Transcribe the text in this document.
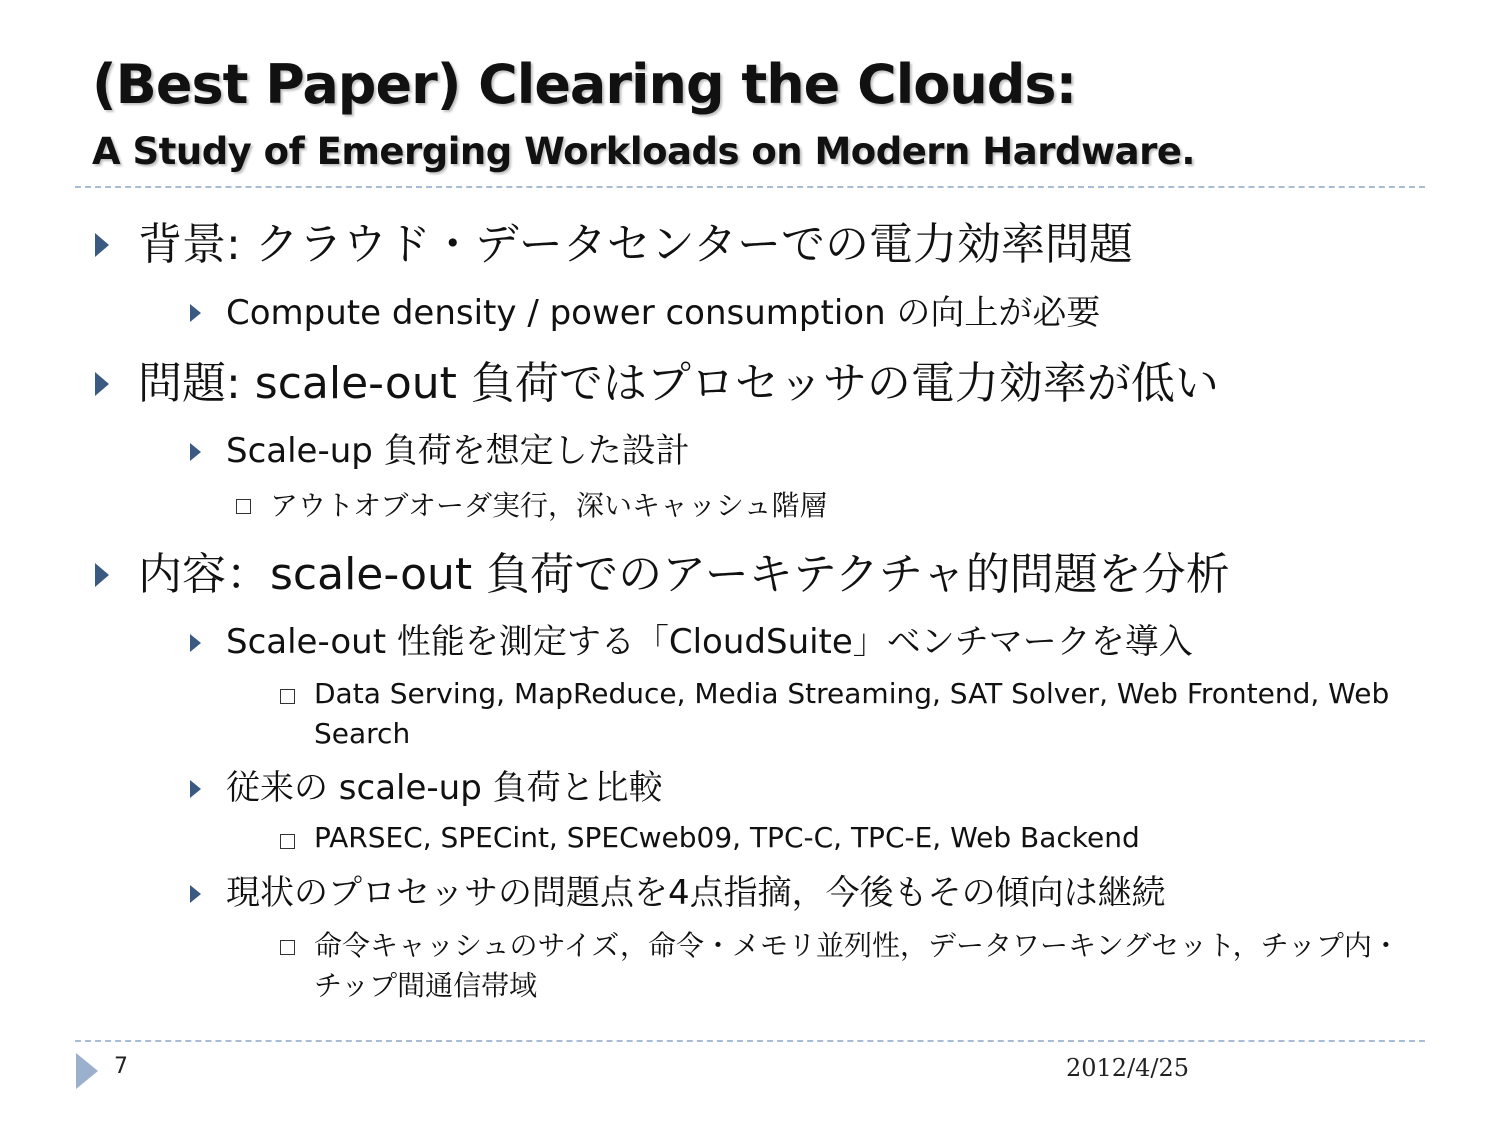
(Best Paper) Clearing the Clouds:
A Study of Emerging Workloads on Modern Hardware.
背景: クラウド・データセンターでの電力効率問題
Compute density / power consumption の向上が必要
問題: scale-out 負荷ではプロセッサの電力効率が低い
Scale-up 負荷を想定した設計
アウトオブオーダ実行，深いキャッシュ階層
内容：scale-out 負荷でのアーキテクチャ的問題を分析
Scale-out 性能を測定する「CloudSuite」ベンチマークを導入
Data Serving, MapReduce, Media Streaming, SAT Solver, Web Frontend, Web Search
従来の scale-up 負荷と比較
PARSEC, SPECint, SPECweb09, TPC-C, TPC-E, Web Backend
現状のプロセッサの問題点を4点指摘，今後もその傾向は継続
命令キャッシュのサイズ，命令・メモリ並列性，データワーキングセット，チップ内・チップ間通信帯域
7	2012/4/25
